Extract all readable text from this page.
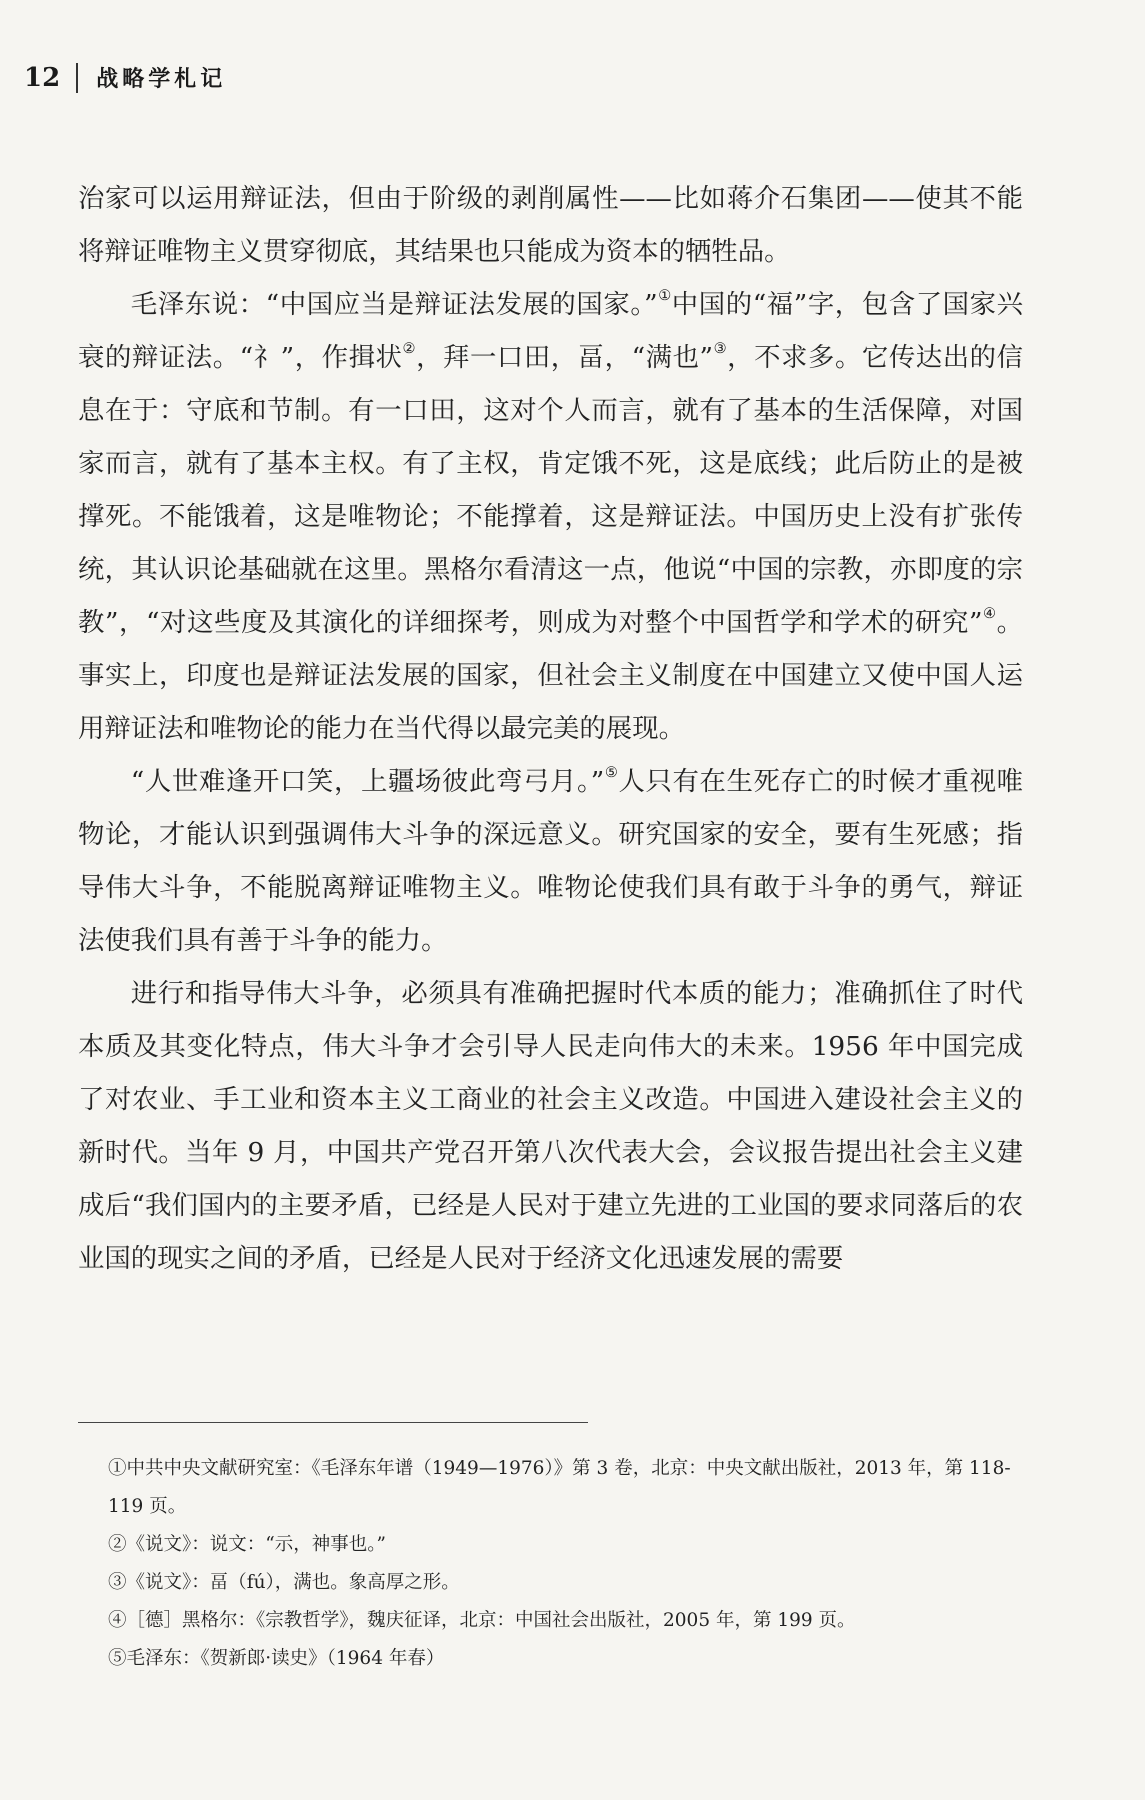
12 战略学札记

治家可以运用辩证法，但由于阶级的剥削属性——比如蒋介石集团——使其不能将辩证唯物主义贯穿彻底，其结果也只能成为资本的牺牲品。

毛泽东说：“中国应当是辩证法发展的国家。”①中国的“福”字，包含了国家兴衰的辩证法。“礻”，作揖状②，拜一口田，畐，“满也”③，不求多。它传达出的信息在于：守底和节制。有一口田，这对个人而言，就有了基本的生活保障，对国家而言，就有了基本主权。有了主权，肯定饿不死，这是底线；此后防止的是被撑死。不能饿着，这是唯物论；不能撑着，这是辩证法。中国历史上没有扩张传统，其认识论基础就在这里。黑格尔看清这一点，他说“中国的宗教，亦即度的宗教”，“对这些度及其演化的详细探考，则成为对整个中国哲学和学术的研究”④。事实上，印度也是辩证法发展的国家，但社会主义制度在中国建立又使中国人运用辩证法和唯物论的能力在当代得以最完美的展现。

“人世难逢开口笑，上疆场彼此弯弓月。”⑤人只有在生死存亡的时候才重视唯物论，才能认识到强调伟大斗争的深远意义。研究国家的安全，要有生死感；指导伟大斗争，不能脱离辩证唯物主义。唯物论使我们具有敢于斗争的勇气，辩证法使我们具有善于斗争的能力。

进行和指导伟大斗争，必须具有准确把握时代本质的能力；准确抓住了时代本质及其变化特点，伟大斗争才会引导人民走向伟大的未来。1956 年中国完成了对农业、手工业和资本主义工商业的社会主义改造。中国进入建设社会主义的新时代。当年 9 月，中国共产党召开第八次代表大会，会议报告提出社会主义建成后“我们国内的主要矛盾，已经是人民对于建立先进的工业国的要求同落后的农业国的现实之间的矛盾，已经是人民对于经济文化迅速发展的需要

①中共中央文献研究室：《毛泽东年谱（1949—1976）》第 3 卷，北京：中央文献出版社，2013 年，第 118-119 页。

②《说文》：说文：“示，神事也。”

③《说文》：畐（fú），满也。象高厚之形。

④［德］黑格尔：《宗教哲学》，魏庆征译，北京：中国社会出版社，2005 年，第 199 页。

⑤毛泽东：《贺新郎·读史》（1964 年春）
